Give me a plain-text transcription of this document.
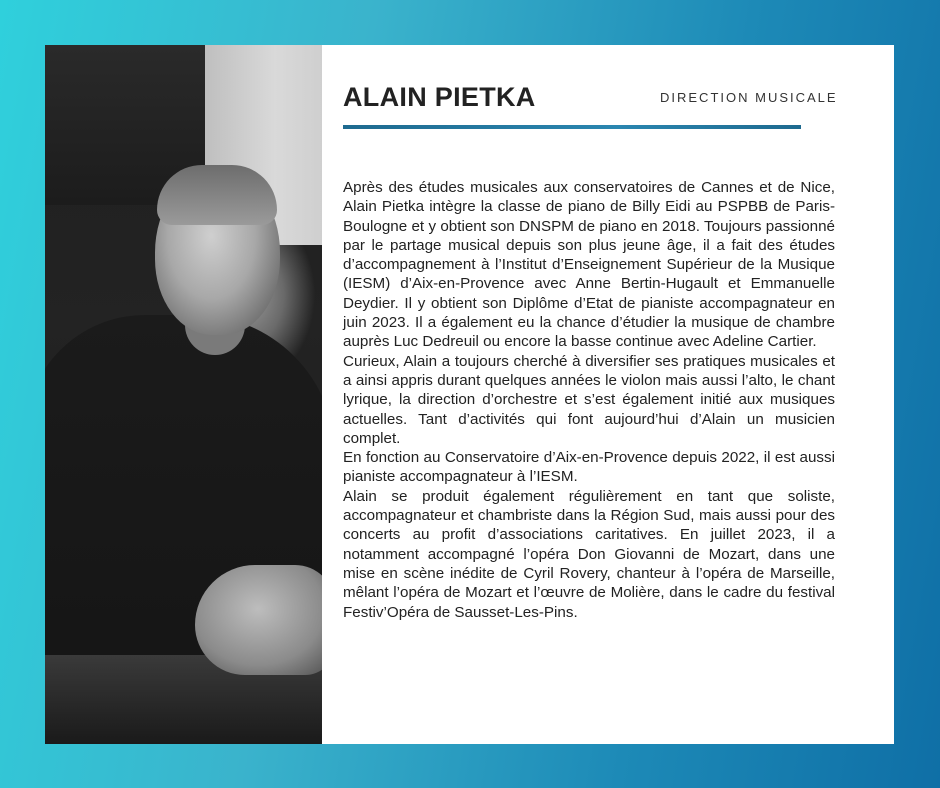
ALAIN PIETKA	DIRECTION MUSICALE

Après des études musicales aux conservatoires de Cannes et de Nice, Alain Pietka intègre la classe de piano de Billy Eidi au PSPBB de Paris-Boulogne et y obtient son DNSPM de piano en 2018. Toujours passionné par le partage musical depuis son plus jeune âge, il a fait des études d’accompagnement à l’Institut d’Enseignement Supérieur de la Musique (IESM) d’Aix-en-Provence avec Anne Bertin-Hugault et Emmanuelle Deydier. Il y obtient son Diplôme d’Etat de pianiste accompagnateur en juin 2023. Il a également eu la chance d’étudier la musique de chambre auprès Luc Dedreuil ou encore la basse continue avec Adeline Cartier.

Curieux, Alain a toujours cherché à diversifier ses pratiques musicales et a ainsi appris durant quelques années le violon mais aussi l’alto, le chant lyrique, la direction d’orchestre et s’est également initié aux musiques actuelles. Tant d’activités qui font aujourd’hui d’Alain un musicien complet.

En fonction au Conservatoire d’Aix-en-Provence depuis 2022, il est aussi pianiste accompagnateur à l’IESM.

Alain se produit également régulièrement en tant que soliste, accompagnateur et chambriste dans la Région Sud, mais aussi pour des concerts au profit d’associations caritatives. En juillet 2023, il a notamment accompagné l’opéra Don Giovanni de Mozart, dans une mise en scène inédite de Cyril Rovery, chanteur à l’opéra de Marseille, mêlant l’opéra de Mozart et l’œuvre de Molière, dans le cadre du festival Festiv’Opéra de Sausset-Les-Pins.
